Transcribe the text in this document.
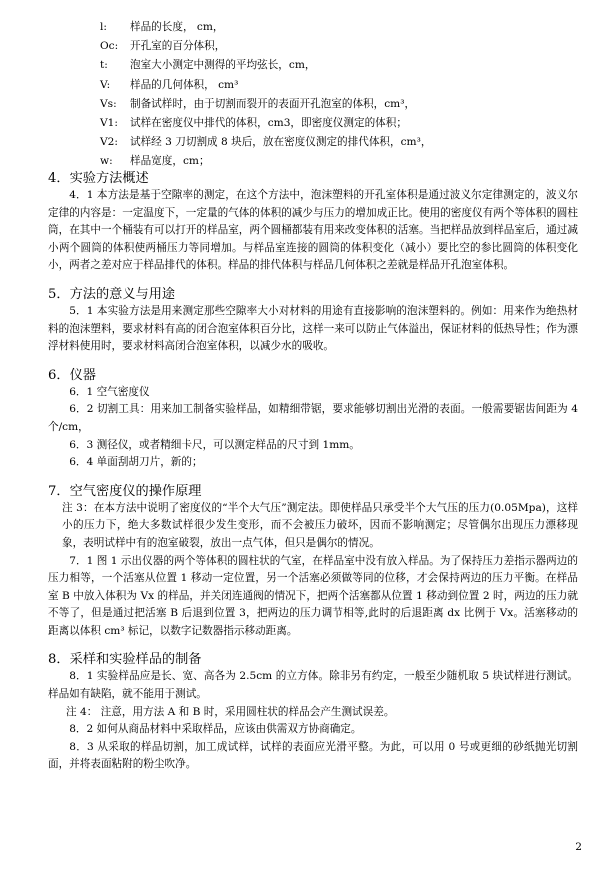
l:	样品的长度， cm，
Oc:	开孔室的百分体积，
t:	泡室大小测定中测得的平均弦长，cm，
V:	样品的几何体积， cm³
Vs:	制备试样时，由于切割而裂开的表面开孔泡室的体积，cm³，
V1:	试样在密度仪中排代的体积，cm3，即密度仪测定的体积；
V2:	试样经 3 刀切割成 8 块后，放在密度仪测定的排代体积，cm³，
w:	样品宽度，cm；
4．实验方法概述

4．1 本方法是基于空隙率的测定，在这个方法中，泡沫塑料的开孔室体积是通过波义尔定律测定的，波义尔定律的内容是：一定温度下，一定量的气体的体积的减少与压力的增加成正比。使用的密度仪有两个等体积的圆柱筒，在其中一个桶装有可以打开的样品室，两个圆桶都装有用来改变体积的活塞。当把样品放到样品室后，通过减小两个圆筒的体积使两桶压力等同增加。与样品室连接的圆筒的体积变化（减小）要比空的参比圆筒的体积变化小，两者之差对应于样品排代的体积。样品的排代体积与样品几何体积之差就是样品开孔泡室体积。

5．方法的意义与用途

5．1 本实验方法是用来测定那些空隙率大小对材料的用途有直接影响的泡沫塑料的。例如：用来作为绝热材料的泡沫塑料，要求材料有高的闭合泡室体积百分比，这样一来可以防止气体溢出，保证材料的低热导性；作为漂浮材料使用时，要求材料高闭合泡室体积，以减少水的吸收。

6．仪器

6．1 空气密度仪

6．2 切割工具：用来加工制备实验样品，如精细带锯，要求能够切割出光滑的表面。一般需要锯齿间距为 4 个/cm，

6．3 测径仪，或者精细卡尺，可以测定样品的尺寸到 1mm。

6．4 单面刮胡刀片，新的；

7．空气密度仪的操作原理

注 3：在本方法中说明了密度仪的“半个大气压”测定法。即使样品只承受半个大气压的压力(0.05Mpa)，这样小的压力下，绝大多数试样很少发生变形，而不会被压力破坏，因而不影响测定；尽管偶尔出现压力漂移现象，表明试样中有的泡室破裂，放出一点气体，但只是偶尔的情况。

7．1 图 1 示出仪器的两个等体积的圆柱状的气室，在样品室中没有放入样品。为了保持压力差指示器两边的压力相等，一个活塞从位置 1 移动一定位置，另一个活塞必须做等同的位移，才会保持两边的压力平衡。在样品室 B 中放入体积为 Vx 的样品，并关闭连通阀的情况下，把两个活塞都从位置 1 移动到位置 2 时，两边的压力就不等了，但是通过把活塞 B 后退到位置 3，把两边的压力调节相等,此时的后退距离 dx 比例于 Vx。活塞移动的距离以体积 cm³ 标记，以数字记数器指示移动距离。

8．采样和实验样品的制备

8．1 实验样品应是长、宽、高各为 2.5cm 的立方体。除非另有约定，一般至少随机取 5 块试样进行测试。样品如有缺陷，就不能用于测试。

注 4： 注意，用方法 A 和 B 时，采用圆柱状的样品会产生测试误差。

8．2 如何从商品材料中采取样品，应该由供需双方协商确定。

8．3 从采取的样品切割，加工成试样，试样的表面应光滑平整。为此，可以用 0 号或更细的砂纸抛光切割面，并将表面粘附的粉尘吹净。

2
